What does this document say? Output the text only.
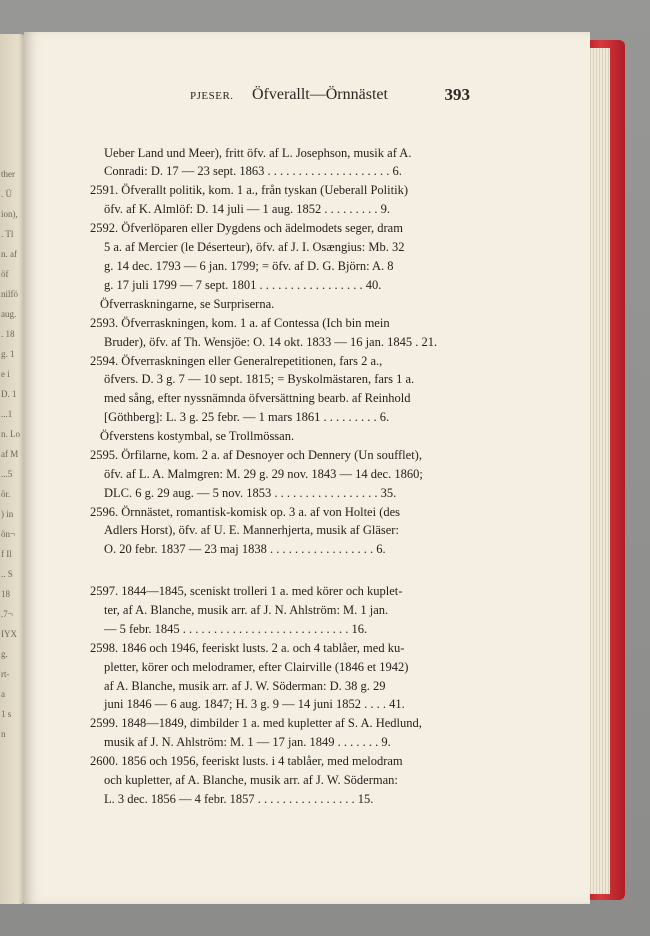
ther
. Ü
ion),
. Tl
n. af
öf
nilfö
aug.
. 18
g. 1
e i
D. 1
...1
n. Lo
af M
...5
ör.
) in
ön¬
f Il
.. S
18
.7¬
IYX
g.
rt-
a
1 s
n
PJESER. Öfverallt—Örnnästet	393
Ueber Land und Meer), fritt öfv. af L. Josephson, musik af A.
Conradi: D. 17 — 23 sept. 1863 . . . . . . . . . . . . . . . . . . . . 6.
2591. Öfverallt politik, kom. 1 a., från tyskan (Ueberall Politik)
öfv. af K. Almlöf: D. 14 juli — 1 aug. 1852 . . . . . . . . . 9.
2592. Öfverlöparen eller Dygdens och ädelmodets seger, dram
5 a. af Mercier (le Déserteur), öfv. af J. I. Osængius: Mb. 32
g. 14 dec. 1793 — 6 jan. 1799; = öfv. af D. G. Björn: A. 8
g. 17 juli 1799 — 7 sept. 1801 . . . . . . . . . . . . . . . . . 40.
Öfverraskningarne, se Surpriserna.
2593. Öfverraskningen, kom. 1 a. af Contessa (Ich bin mein
Bruder), öfv. af Th. Wensjöe: O. 14 okt. 1833 — 16 jan. 1845 . 21.
2594. Öfverraskningen eller Generalrepetitionen, fars 2 a.,
öfvers. D. 3 g. 7 — 10 sept. 1815; = Byskolmästaren, fars 1 a.
med sång, efter nyssnämnda öfversättning bearb. af Reinhold
[Göthberg]: L. 3 g. 25 febr. — 1 mars 1861 . . . . . . . . . 6.
Öfverstens kostymbal, se Trollmössan.
2595. Örfilarne, kom. 2 a. af Desnoyer och Dennery (Un soufflet),
öfv. af L. A. Malmgren: M. 29 g. 29 nov. 1843 — 14 dec. 1860;
DLC. 6 g. 29 aug. — 5 nov. 1853 . . . . . . . . . . . . . . . . . 35.
2596. Örnnästet, romantisk-komisk op. 3 a. af von Holtei (des
Adlers Horst), öfv. af U. E. Mannerhjerta, musik af Gläser:
O. 20 febr. 1837 — 23 maj 1838 . . . . . . . . . . . . . . . . . 6.
2597. 1844—1845, sceniskt trolleri 1 a. med körer och kuplet-
ter, af A. Blanche, musik arr. af J. N. Ahlström: M. 1 jan.
— 5 febr. 1845 . . . . . . . . . . . . . . . . . . . . . . . . . . . 16.
2598. 1846 och 1946, feeriskt lusts. 2 a. och 4 tablåer, med ku-
pletter, körer och melodramer, efter Clairville (1846 et 1942)
af A. Blanche, musik arr. af J. W. Söderman: D. 38 g. 29
juni 1846 — 6 aug. 1847; H. 3 g. 9 — 14 juni 1852 . . . . 41.
2599. 1848—1849, dimbilder 1 a. med kupletter af S. A. Hedlund,
musik af J. N. Ahlström: M. 1 — 17 jan. 1849 . . . . . . . 9.
2600. 1856 och 1956, feeriskt lusts. i 4 tablåer, med melodram
och kupletter, af A. Blanche, musik arr. af J. W. Söderman:
L. 3 dec. 1856 — 4 febr. 1857 . . . . . . . . . . . . . . . . 15.
